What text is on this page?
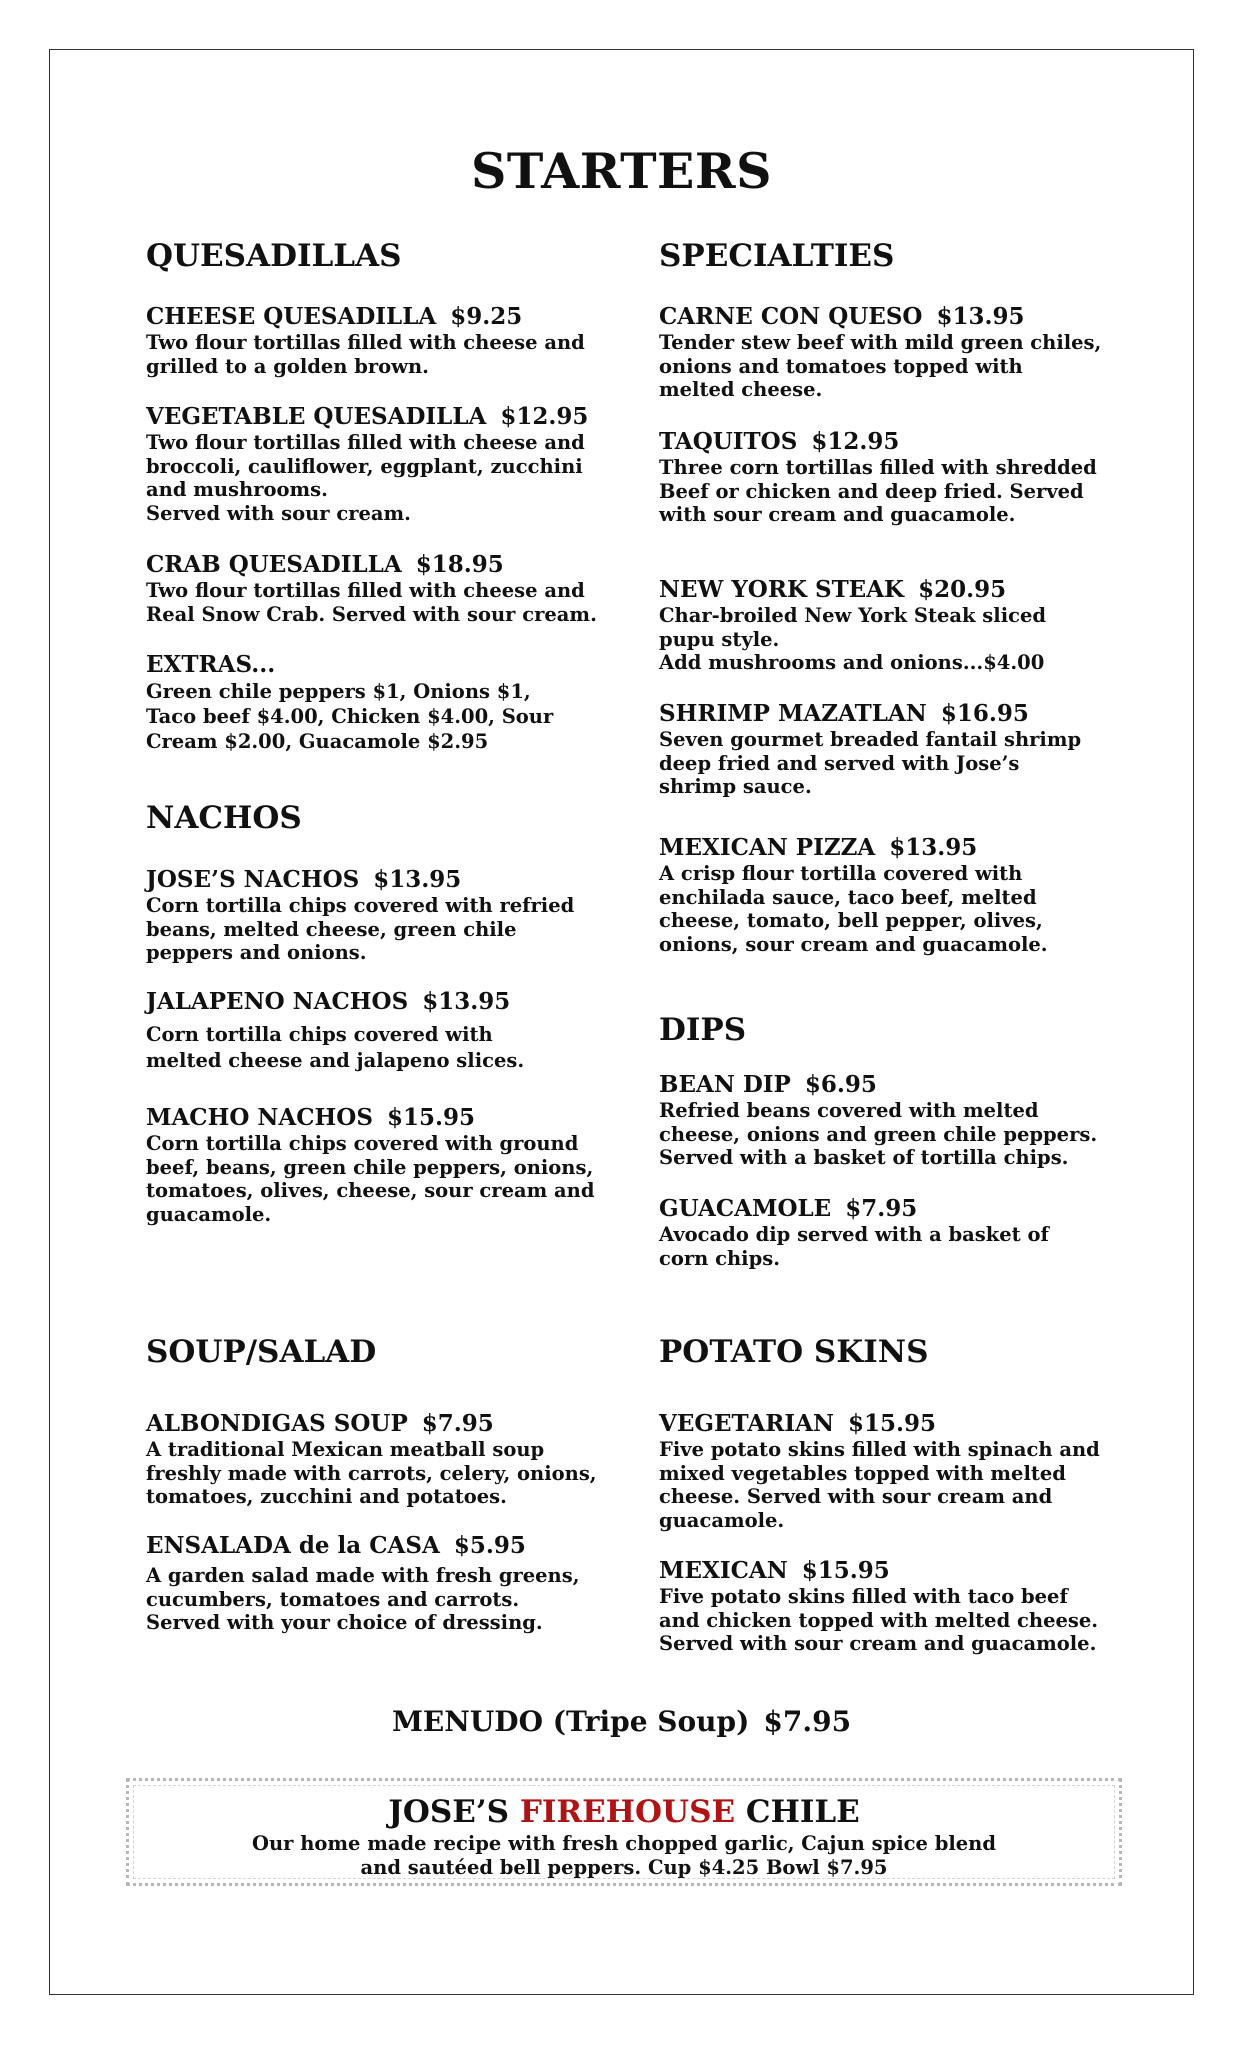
STARTERS
QUESADILLAS
CHEESE QUESADILLA $9.25
Two flour tortillas filled with cheese and
grilled to a golden brown.
VEGETABLE QUESADILLA $12.95
Two flour tortillas filled with cheese and
broccoli, cauliflower, eggplant, zucchini
and mushrooms.
Served with sour cream.
CRAB QUESADILLA $18.95
Two flour tortillas filled with cheese and
Real Snow Crab. Served with sour cream.
EXTRAS...
Green chile peppers $1, Onions $1,
Taco beef $4.00, Chicken $4.00, Sour
Cream $2.00, Guacamole $2.95
NACHOS
JOSE’S NACHOS $13.95
Corn tortilla chips covered with refried
beans, melted cheese, green chile
peppers and onions.
JALAPENO NACHOS $13.95
Corn tortilla chips covered with
melted cheese and jalapeno slices.
MACHO NACHOS $15.95
Corn tortilla chips covered with ground
beef, beans, green chile peppers, onions,
tomatoes, olives, cheese, sour cream and
guacamole.
SOUP/SALAD
ALBONDIGAS SOUP $7.95
A traditional Mexican meatball soup
freshly made with carrots, celery, onions,
tomatoes, zucchini and potatoes.
ENSALADA de la CASA $5.95
A garden salad made with fresh greens,
cucumbers, tomatoes and carrots.
Served with your choice of dressing.
SPECIALTIES
CARNE CON QUESO $13.95
Tender stew beef with mild green chiles,
onions and tomatoes topped with
melted cheese.
TAQUITOS $12.95
Three corn tortillas filled with shredded
Beef or chicken and deep fried. Served
with sour cream and guacamole.
NEW YORK STEAK $20.95
Char-broiled New York Steak sliced
pupu style.
Add mushrooms and onions...$4.00
SHRIMP MAZATLAN $16.95
Seven gourmet breaded fantail shrimp
deep fried and served with Jose’s
shrimp sauce.
MEXICAN PIZZA $13.95
A crisp flour tortilla covered with
enchilada sauce, taco beef, melted
cheese, tomato, bell pepper, olives,
onions, sour cream and guacamole.
DIPS
BEAN DIP $6.95
Refried beans covered with melted
cheese, onions and green chile peppers.
Served with a basket of tortilla chips.
GUACAMOLE $7.95
Avocado dip served with a basket of
corn chips.
POTATO SKINS
VEGETARIAN $15.95
Five potato skins filled with spinach and
mixed vegetables topped with melted
cheese. Served with sour cream and
guacamole.
MEXICAN $15.95
Five potato skins filled with taco beef
and chicken topped with melted cheese.
Served with sour cream and guacamole.
MENUDO (Tripe Soup) $7.95
JOSE’S FIREHOUSE CHILE
Our home made recipe with fresh chopped garlic, Cajun spice blend
and sautéed bell peppers. Cup $4.25 Bowl $7.95
